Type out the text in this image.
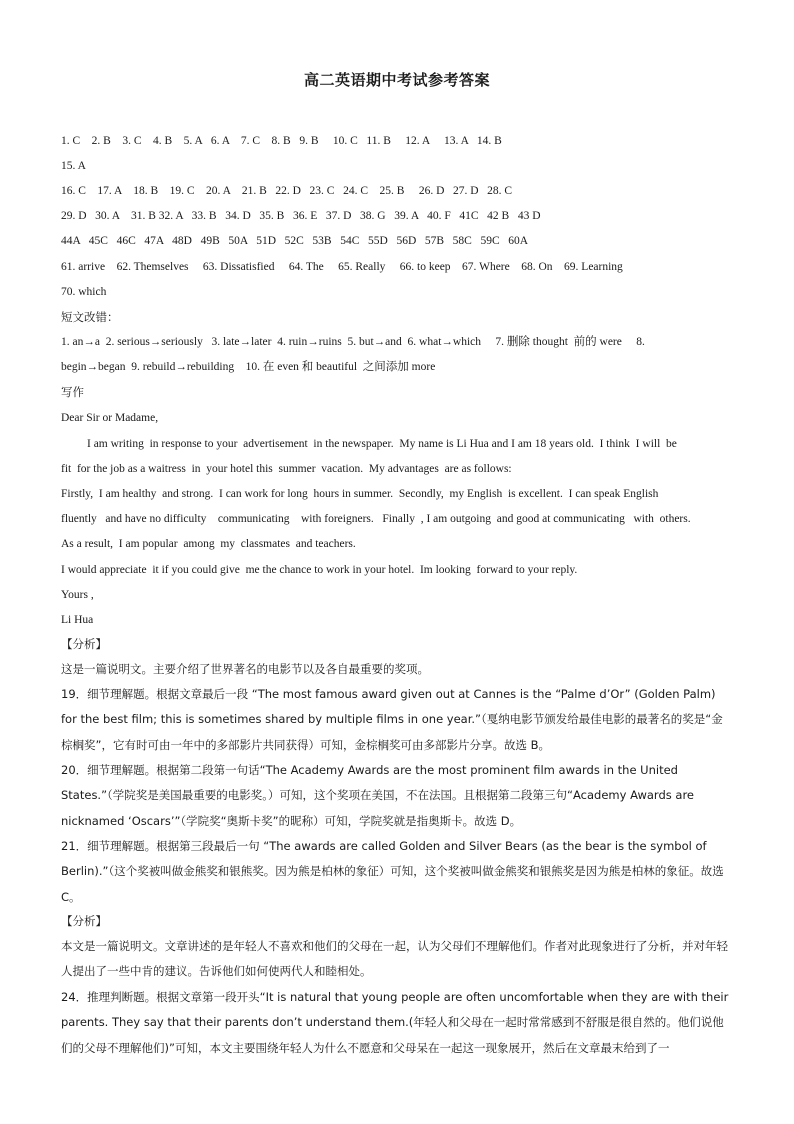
高二英语期中考试参考答案
1. C    2. B    3. C    4. B    5. A   6. A    7. C    8. B   9. B     10. C   11. B     12. A     13. A   14. B
15. A
16. C    17. A    18. B    19. C    20. A    21. B   22. D   23. C   24. C    25. B     26. D   27. D   28. C
29. D   30. A    31. B 32. A   33. B   34. D   35. B   36. E   37. D   38. G   39. A   40. F   41C   42 B   43 D
44A   45C   46C   47A   48D   49B   50A   51D   52C   53B   54C   55D   56D   57B   58C   59C   60A
61. arrive    62. Themselves     63. Dissatisfied     64. The     65. Really     66. to keep    67. Where    68. On    69. Learning
70. which
短文改错：
1. an→a  2. serious→seriously   3. late→later  4. ruin→ruins  5. but→and  6. what→which     7. 删除 thought  前的 were     8.
begin→began  9. rebuild→rebuilding    10. 在 even 和 beautiful  之间添加 more
写作
Dear Sir or Madame,
I am writing  in response to your  advertisement  in the newspaper.  My name is Li Hua and I am 18 years old.  I think  I will  be
fit  for the job as a waitress  in  your hotel this  summer  vacation.  My advantages  are as follows:
Firstly,  I am healthy  and strong.  I can work for long  hours in summer.  Secondly,  my English  is excellent.  I can speak English
fluently   and have no difficulty    communicating    with foreigners.   Finally  , I am outgoing  and good at communicating   with  others.
As a result,  I am popular  among  my  classmates  and teachers.
I would appreciate  it if you could give  me the chance to work in your hotel.  Im looking  forward to your reply.
Yours ,
Li Hua
【分析】
这是一篇说明文。主要介绍了世界著名的电影节以及各自最重要的奖项。
19．细节理解题。根据文章最后一段 “The most famous award given out at Cannes is the “Palme d’Or” (Golden Palm) for the best film; this is sometimes shared by multiple films in one year.”（戛纳电影节颁发给最佳电影的最著名的奖是“金棕榈奖”，它有时可由一年中的多部影片共同获得）可知，金棕榈奖可由多部影片分享。故选 B。
20．细节理解题。根据第二段第一句话“The Academy Awards are the most prominent film awards in the United States.”（学院奖是美国最重要的电影奖。）可知，这个奖项在美国，不在法国。且根据第二段第三句“Academy Awards are nicknamed ‘Oscars’”（学院奖“奥斯卡奖”的昵称）可知，学院奖就是指奥斯卡。故选 D。
21．细节理解题。根据第三段最后一句 “The awards are called Golden and Silver Bears (as the bear is the symbol of Berlin).”（这个奖被叫做金熊奖和银熊奖。因为熊是柏林的象征）可知，这个奖被叫做金熊奖和银熊奖是因为熊是柏林的象征。故选 C。
【分析】
本文是一篇说明文。文章讲述的是年轻人不喜欢和他们的父母在一起，认为父母们不理解他们。作者对此现象进行了分析，并对年轻人提出了一些中肯的建议。告诉他们如何使两代人和睦相处。
24．推理判断题。根据文章第一段开头“It is natural that young people are often uncomfortable when they are with their parents. They say that their parents don’t understand them.(年轻人和父母在一起时常常感到不舒服是很自然的。他们说他们的父母不理解他们)”可知，本文主要围绕年轻人为什么不愿意和父母呆在一起这一现象展开，然后在文章最末给到了一
